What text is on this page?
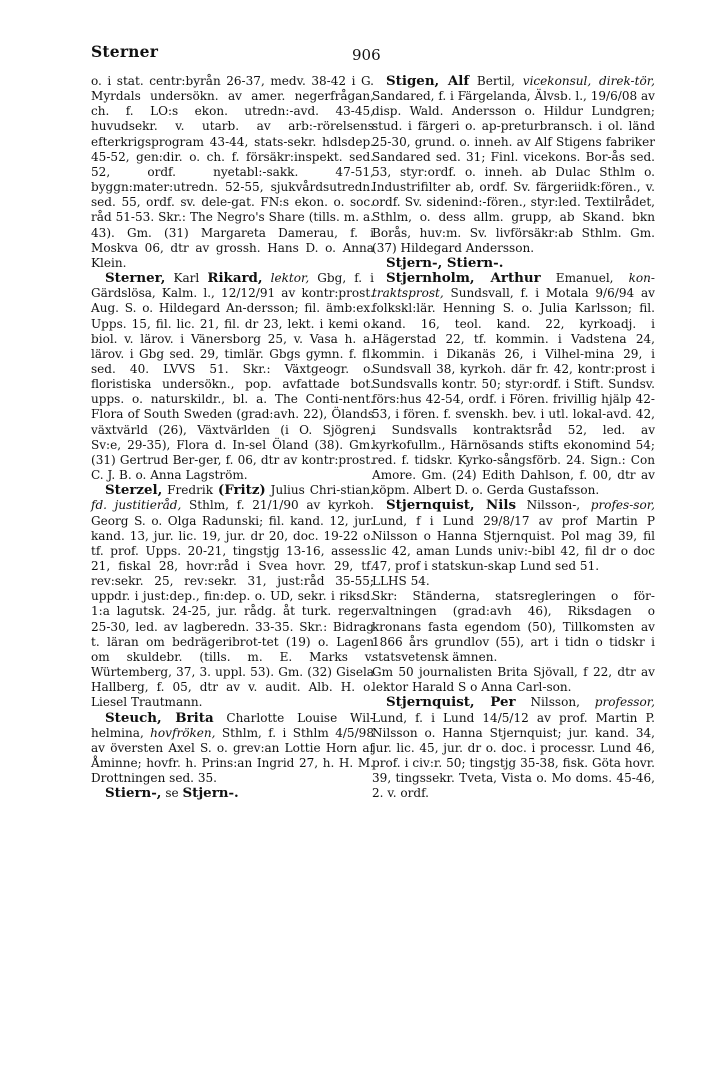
Sterner	906

o. i stat. centr:byrån 26-37, medv. 38-42 i G. Myrdals undersökn. av amer. negerfrågan, ch. f. LO:s ekon. utredn:-avd. 43-45, huvudsekr. v. utarb. av arb:-rörelsens efterkrigsprogram 43-44, stats-sekr. hdlsdep. 45-52, gen:dir. o. ch. f. försäkr:inspekt. sed. 52, ordf. nyetabl:-sakk. 47-51, byggn:mater:utredn. 52-55, sjukvårdsutredn. sed. 55, ordf. sv. dele-gat. FN:s ekon. o. soc. råd 51-53. Skr.: The Negro's Share (tills. m. a. 43). Gm. (31) Margareta Damerau, f. i Moskva 06, dtr av grossh. Hans D. o. Anna Klein.

Sterner, Karl Rikard, lektor, Gbg, f. i Gärdslösa, Kalm. l., 12/12/91 av kontr:prost. Aug. S. o. Hildegard An-dersson; fil. ämb:ex. Upps. 15, fil. lic. 21, fil. dr 23, lekt. i kemi o. biol. v. lärov. i Vänersborg 25, v. Vasa h. a. lärov. i Gbg sed. 29, timlär. Gbgs gymn. f. fl. sed. 40. LVVS 51. Skr.: Växtgeogr. o. floristiska undersökn., pop. avfattade bot. upps. o. naturskildr., bl. a. The Conti-nent. Flora of South Sweden (grad:avh. 22), Ölands växtvärld (26), Växtvärlden (i O. Sjögren, Sv:e, 29-35), Flora d. In-sel Öland (38). Gm. (31) Gertrud Ber-ger, f. 06, dtr av kontr:prost. C. J. B. o. Anna Lagström.

Sterzel, Fredrik (Fritz) Julius Chri-stian, fd. justitieråd, Sthlm, f. 21/1/90 av kyrkoh. Georg S. o. Olga Radunski; fil. kand. 12, jur. kand. 13, jur. lic. 19, jur. dr 20, doc. 19-22 o. tf. prof. Upps. 20-21, tingstjg 13-16, assess. 21, fiskal 28, hovr:råd i Svea hovr. 29, tf. rev:sekr. 25, rev:sekr. 31, just:råd 35-55; uppdr. i just:dep., fin:dep. o. UD, sekr. i riksd. 1:a lagutsk. 24-25, jur. rådg. åt turk. reger. 25-30, led. av lagberedn. 33-35. Skr.: Bidrag t. läran om bedrägeribrot-tet (19) o. Lagen om skuldebr. (tills. m. E. Marks v. Würtemberg, 37, 3. uppl. 53). Gm. (32) Gisela Hallberg, f. 05, dtr av v. audit. Alb. H. o. Liesel Trautmann.

Steuch, Brita Charlotte Louise Wil-helmina, hovfröken, Sthlm, f. i Sthlm 4/5/98 av översten Axel S. o. grev:an Lottie Horn af Åminne; hovfr. h. Prins:an Ingrid 27, h. H. M. Drottningen sed. 35.

Stiern-, se Stjern-.

Stigen, Alf Bertil, vicekonsul, direk-tör, Sandared, f. i Färgelanda, Älvsb. l., 19/6/08 av disp. Wald. Andersson o. Hildur Lundgren; stud. i färgeri o. ap-preturbransch. i ol. länd 25-30, grund. o. inneh. av Alf Stigens fabriker Sandared sed. 31; Finl. vicekons. Bor-ås sed. 53, styr:ordf. o. inneh. ab Dulac Sthlm o. Industrifilter ab, ordf. Sv. färgeriidk:fören., v. ordf. Sv. sidenind:-fören., styr:led. Textilrådet, Sthlm, o. dess allm. grupp, ab Skand. bkn Borås, huv:m. Sv. livförsäkr:ab Sthlm. Gm. (37) Hildegard Andersson.

Stjern-, Stiern-.

Stjernholm, Arthur Emanuel, kon-traktsprost, Sundsvall, f. i Motala 9/6/94 av folkskl:lär. Henning S. o. Julia Karlsson; fil. kand. 16, teol. kand. 22, kyrkoadj. i Hägerstad 22, tf. kommin. i Vadstena 24, kommin. i Dikanäs 26, i Vilhel-mina 29, i Sundsvall 38, kyrkoh. där fr. 42, kontr:prost i Sundsvalls kontr. 50; styr:ordf. i Stift. Sundsv. förs:hus 42-54, ordf. i Fören. frivillig hjälp 42-53, i fören. f. svenskh. bev. i utl. lokal-avd. 42, i Sundsvalls kontraktsråd 52, led. av kyrkofullm., Härnösands stifts ekonomind 54; red. f. tidskr. Kyrko-sångsförb. 24. Sign.: Con Amore. Gm. (24) Edith Dahlson, f. 00, dtr av köpm. Albert D. o. Gerda Gustafsson.

Stjernquist, Nils Nilsson-, profes-sor, Lund, f i Lund 29/8/17 av prof Martin P Nilsson o Hanna Stjernquist. Pol mag 39, fil lic 42, aman Lunds univ:-bibl 42, fil dr o doc 47, prof i statskun-skap Lund sed 51.

LLHS 54.

Skr: Ständerna, statsregleringen o för-valtningen (grad:avh 46), Riksdagen o kronans fasta egendom (50), Tillkomsten av 1866 års grundlov (55), art i tidn o tidskr i statsvetensk ämnen.

Gm 50 journalisten Brita Sjövall, f 22, dtr av lektor Harald S o Anna Carl-son.

Stjernquist, Per Nilsson, professor, Lund, f. i Lund 14/5/12 av prof. Martin P. Nilsson o. Hanna Stjernquist; jur. kand. 34, jur. lic. 45, jur. dr o. doc. i processr. Lund 46, prof. i civ:r. 50; tingstjg 35-38, fisk. Göta hovr. 39, tingssekr. Tveta, Vista o. Mo doms. 45-46, 2. v. ordf.
